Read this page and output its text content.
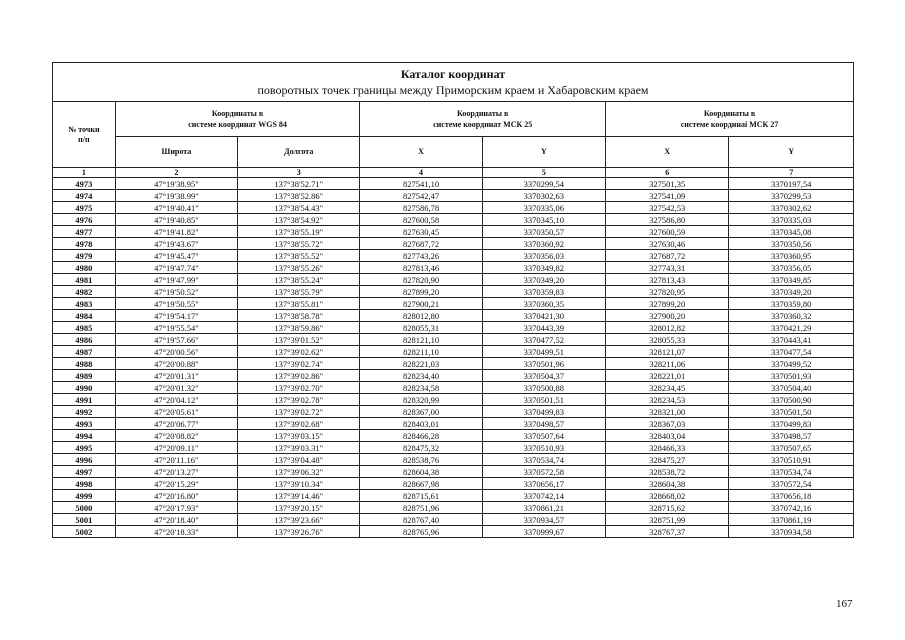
Каталог координат
поворотных точек границы между Приморским краем и Хабаровским краем						

№ точки
п/п	Координаты в
системе координат WGS 84		Координаты в
системе координат МСК 25		Координаты в
системе координаі МСК 27	

	Широта	Долгота	X	Y	X	Y
1	2	3	4	5	6	7
4973	47°19'38.95"	137°38'52.71"	827541,10	3370299,54	327501,35	3370197,54
4974	47°19'38.99"	137°38'52.86"	827542,47	3370302,63	327541,09	3370299,53
4975	47°19'40.41"	137°38'54.43"	827586,78	3370335,06	327542,53	3370302,62
4976	47°19'40.85"	137°38'54.92"	827600,58	3370345,10	327586,80	3370335,03
4977	47°19'41.82"	137°38'55.19"	827630,45	3370350,57	327600,59	3370345,08
4978	47°19'43.67"	137°38'55.72"	827687,72	3370360,92	327630,46	3370350,56
4979	47°19'45.47"	137°38'55.52"	827743,26	3370356,03	327687,72	3370360,95
4980	47°19'47.74"	137°38'55.26"	827813,46	3370349,82	327743,31	3370356,05
4981	47°19'47.99"	137°38'55.24"	827820,90	3370349,20	327813,43	3370349,85
4982	47°19'50.52"	137°38'55.79"	827899,20	3370359,83	327820,95	3370349,20
4983	47°19'50.55"	137°38'55.81"	827900,21	3370360,35	327899,20	3370359,80
4984	47°19'54.17"	137°38'58.78"	828012,80	3370421,30	327900,20	3370360,32
4985	47°19'55.54"	137°38'59.86"	828055,31	3370443,39	328012,82	3370421,29
4986	47°19'57.66"	137°39'01.52"	828121,10	3370477,52	328055,33	3370443,41
4987	47°20'00.56"	137°39'02.62"	828211,10	3370499,51	328121,07	3370477,54
4988	47°20'00.88"	137°39'02.74"	828221,03	3370501,96	328211,06	3370499,52
4989	47°20'01.31"	137°39'02.86"	828234,40	3370504,37	328221,01	3370501,93
4990	47°20'01.32"	137°39'02.70"	828234,58	3370500,88	328234,45	3370504,40
4991	47°20'04.12"	137°39'02.78"	828320,99	3370501,51	328234,53	3370500,90
4992	47°20'05.61"	137°39'02.72"	828367,00	3370499,83	328321,00	3370501,50
4993	47°20'06.77"	137°39'02.68"	828403,01	3370498,57	328367,03	3370499,83
4994	47°20'08.82"	137°39'03.15"	828466,28	3370507,64	328403,04	3370498,57
4995	47°20'09.11"	137°39'03.31"	828475,32	3370510,93	328466,33	3370507,65
4996	47°20'11.16"	137°39'04.48"	828538,76	3370534,74	328475,27	3370510,91
4997	47°20'13.27"	137°39'06.32"	828604,38	3370572,58	328538,72	3370534,74
4998	47°20'15.29"	137°39'10.34"	828667,98	3370656,17	328604,38	3370572,54
4999	47°20'16.80"	137°39'14.46"	828715,61	3370742,14	328668,02	3370656,18
5000	47°20'17.93"	137°39'20.15"	828751,96	3370861,21	328715,62	3370742,16
5001	47°20'18.40"	137°39'23.66"	828767,40	3370934,57	328751,99	3370861,19
5002	47°20'18.33"	137°39'26.76"	828765,96	3370999,67	328767,37	3370934,58
167
